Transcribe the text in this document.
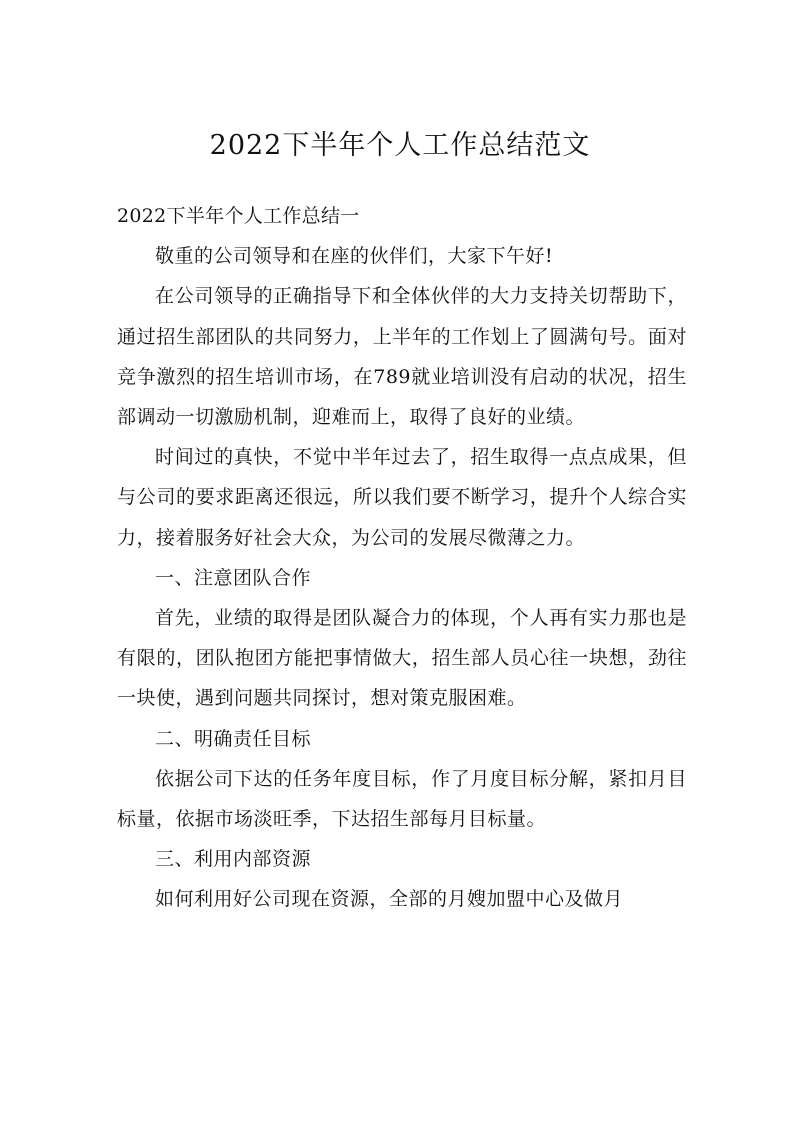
2022下半年个人工作总结范文

2022下半年个人工作总结一

敬重的公司领导和在座的伙伴们，大家下午好!

在公司领导的正确指导下和全体伙伴的大力支持关切帮助下，通过招生部团队的共同努力，上半年的工作划上了圆满句号。面对竞争激烈的招生培训市场，在789就业培训没有启动的状况，招生部调动一切激励机制，迎难而上，取得了良好的业绩。

时间过的真快，不觉中半年过去了，招生取得一点点成果，但与公司的要求距离还很远，所以我们要不断学习，提升个人综合实力，接着服务好社会大众，为公司的发展尽微薄之力。

一、注意团队合作

首先，业绩的取得是团队凝合力的体现，个人再有实力那也是有限的，团队抱团方能把事情做大，招生部人员心往一块想，劲往一块使，遇到问题共同探讨，想对策克服困难。

二、明确责任目标

依据公司下达的任务年度目标，作了月度目标分解，紧扣月目标量，依据市场淡旺季，下达招生部每月目标量。

三、利用内部资源

如何利用好公司现在资源，全部的月嫂加盟中心及做月
